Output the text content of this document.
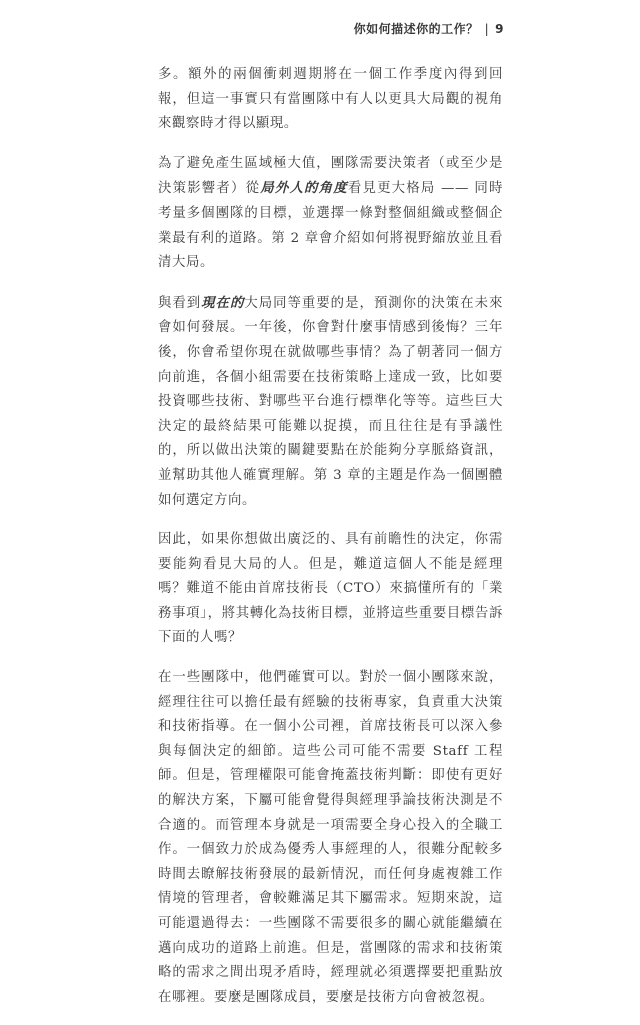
你如何描述你的工作？ | 9

多。額外的兩個衝刺週期將在一個工作季度內得到回報，但這一事實只有當團隊中有人以更具大局觀的視角來觀察時才得以顯現。

為了避免產生區域極大值，團隊需要決策者（或至少是決策影響者）從局外人的角度看見更大格局 —— 同時考量多個團隊的目標，並選擇一條對整個組織或整個企業最有利的道路。第 2 章會介紹如何將視野縮放並且看清大局。

與看到現在的大局同等重要的是，預測你的決策在未來會如何發展。一年後，你會對什麼事情感到後悔？三年後，你會希望你現在就做哪些事情？為了朝著同一個方向前進，各個小組需要在技術策略上達成一致，比如要投資哪些技術、對哪些平台進行標準化等等。這些巨大決定的最終結果可能難以捉摸，而且往往是有爭議性的，所以做出決策的關鍵要點在於能夠分享脈絡資訊，並幫助其他人確實理解。第 3 章的主題是作為一個團體如何選定方向。

因此，如果你想做出廣泛的、具有前瞻性的決定，你需要能夠看見大局的人。但是，難道這個人不能是經理嗎？難道不能由首席技術長（CTO）來搞懂所有的「業務事項」，將其轉化為技術目標，並將這些重要目標告訴下面的人嗎？

在一些團隊中，他們確實可以。對於一個小團隊來說，經理往往可以擔任最有經驗的技術專家，負責重大決策和技術指導。在一個小公司裡，首席技術長可以深入參與每個決定的細節。這些公司可能不需要 Staff 工程師。但是，管理權限可能會掩蓋技術判斷：即使有更好的解決方案，下屬可能會覺得與經理爭論技術決測是不合適的。而管理本身就是一項需要全身心投入的全職工作。一個致力於成為優秀人事經理的人，很難分配較多時間去瞭解技術發展的最新情況，而任何身處複雜工作情境的管理者，會較難滿足其下屬需求。短期來說，這可能還過得去：一些團隊不需要很多的關心就能繼續在邁向成功的道路上前進。但是，當團隊的需求和技術策略的需求之間出現矛盾時，經理就必須選擇要把重點放在哪裡。要麼是團隊成員，要麼是技術方向會被忽視。
